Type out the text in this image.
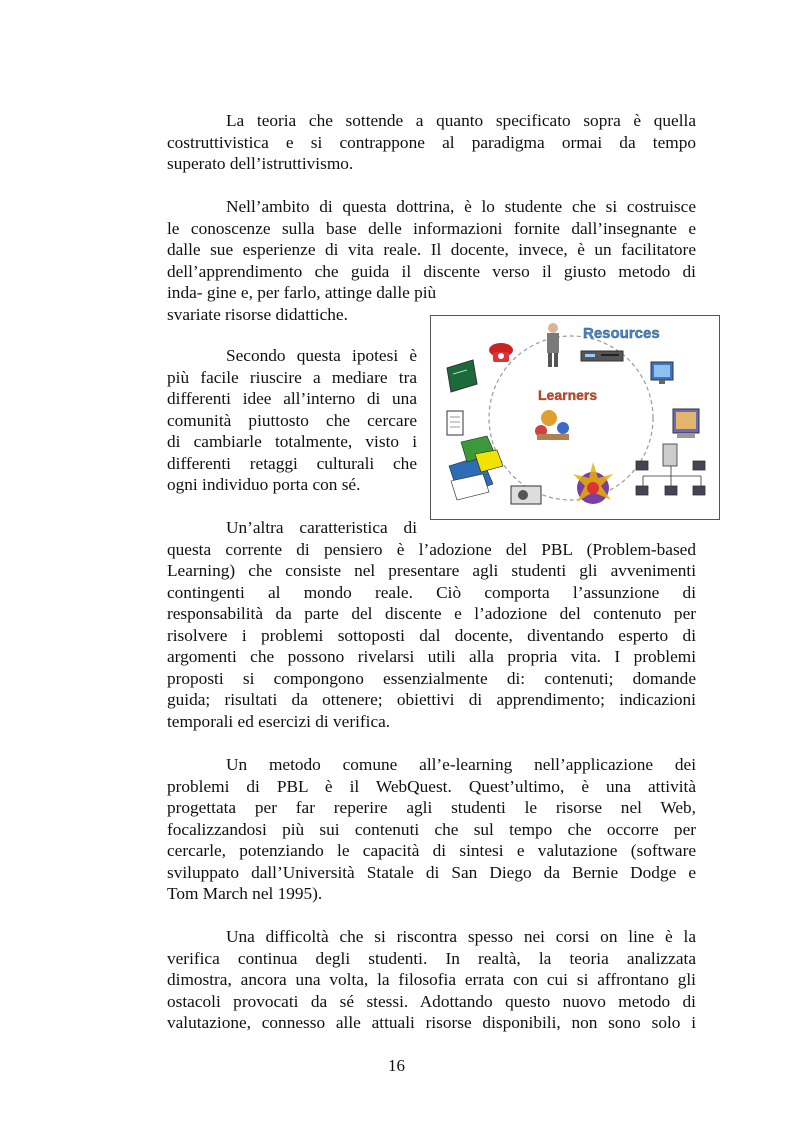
La teoria che sottende a quanto specificato sopra è quella
costruttivistica e si contrappone al paradigma ormai da tempo
superato dell’istruttivismo.
Nell’ambito di questa dottrina, è lo studente che si costruisce
le conoscenze sulla base delle informazioni fornite dall’insegnante e
dalle sue esperienze di vita reale. Il docente, invece, è un facilitatore
dell’apprendimento che guida il discente verso il giusto metodo di
inda- gine e, per farlo, attinge dalle più
svariate risorse didattiche.
Secondo questa ipotesi è
più facile riuscire a mediare tra
differenti idee all’interno di una
comunità piuttosto che cercare
di cambiarle totalmente, visto i
differenti retaggi culturali che
ogni individuo porta con sé.
Un’altra caratteristica di
questa corrente di pensiero è l’adozione del PBL (Problem-based
Learning) che consiste nel presentare agli studenti gli avvenimenti
contingenti al mondo reale. Ciò comporta l’assunzione di
responsabilità da parte del discente e l’adozione del contenuto per
risolvere i problemi sottoposti dal docente, diventando esperto di
argomenti che possono rivelarsi utili alla propria vita. I problemi
proposti si compongono essenzialmente di: contenuti; domande
guida; risultati da ottenere; obiettivi di apprendimento; indicazioni
temporali ed esercizi di verifica.
Un metodo comune all’e-learning nell’applicazione dei
problemi di PBL è il WebQuest. Quest’ultimo, è una attività
progettata per far reperire agli studenti le risorse nel Web,
focalizzandosi più sui contenuti che sul tempo che occorre per
cercarle, potenziando le capacità di sintesi e valutazione (software
sviluppato dall’Università Statale di San Diego da Bernie Dodge e
Tom March nel 1995).
Una difficoltà che si riscontra spesso nei corsi on line è la
verifica continua degli studenti. In realtà, la teoria analizzata
dimostra, ancora una volta, la filosofia errata con cui si affrontano gli
ostacoli provocati da sé stessi. Adottando questo nuovo metodo di
valutazione, connesso alle attuali risorse disponibili, non sono solo i
Resources
Learners
16
